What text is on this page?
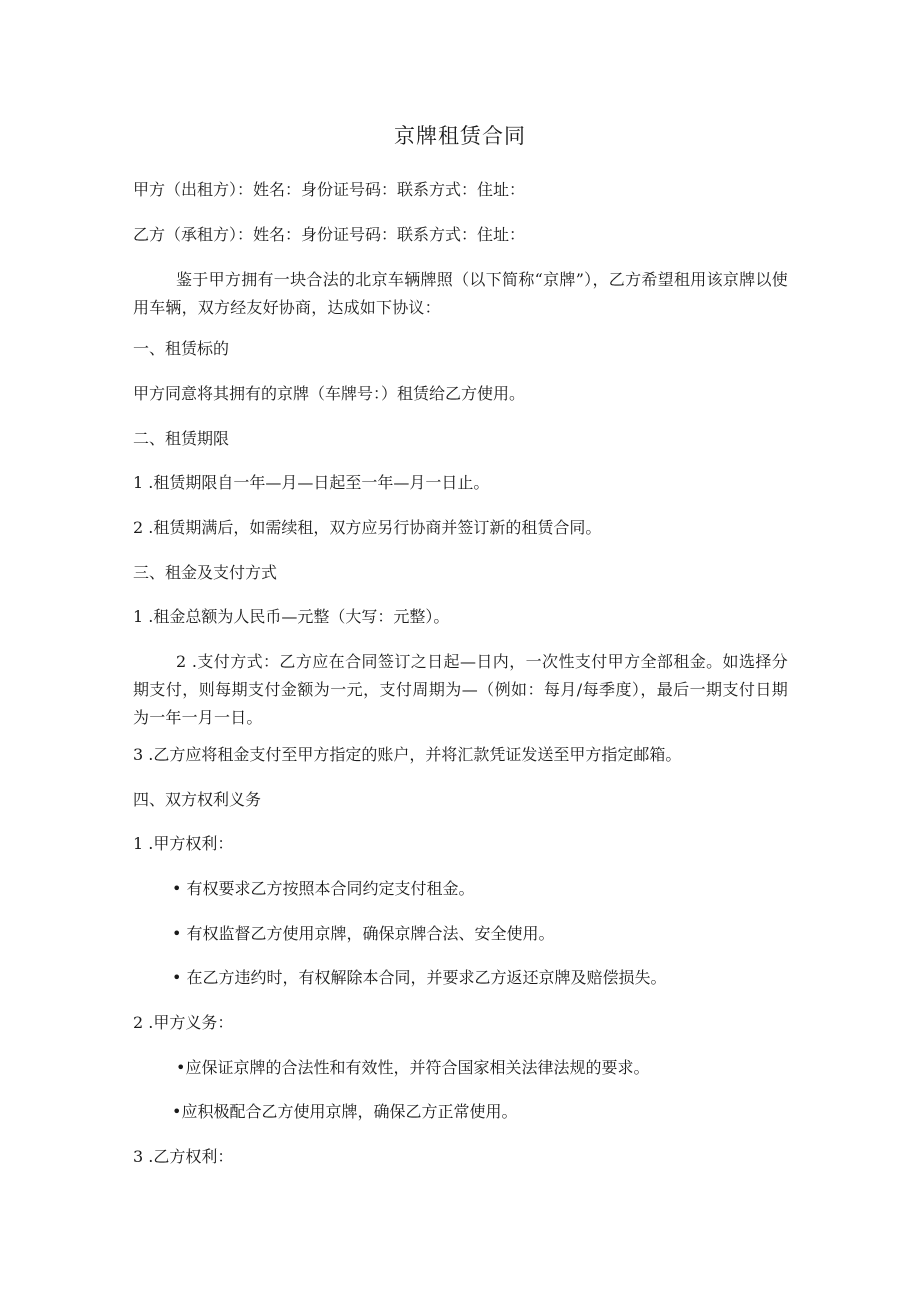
京牌租赁合同

甲方（出租方）：姓名：身份证号码：联系方式：住址：

乙方（承租方）：姓名：身份证号码：联系方式：住址：

鉴于甲方拥有一块合法的北京车辆牌照（以下简称“京牌”），乙方希望租用该京牌以使用车辆，双方经友好协商，达成如下协议：

一、租赁标的

甲方同意将其拥有的京牌（车牌号：）租赁给乙方使用。

二、租赁期限

1 .租赁期限自一年—月—日起至一年—月一日止。

2 .租赁期满后，如需续租，双方应另行协商并签订新的租赁合同。

三、租金及支付方式

1 .租金总额为人民币—元整（大写：元整）。

2 .支付方式：乙方应在合同签订之日起—日内，一次性支付甲方全部租金。如选择分期支付，则每期支付金额为一元，支付周期为—（例如：每月/每季度），最后一期支付日期为一年一月一日。

3 .乙方应将租金支付至甲方指定的账户，并将汇款凭证发送至甲方指定邮箱。

四、双方权利义务

1 .甲方权利：

• 有权要求乙方按照本合同约定支付租金。

• 有权监督乙方使用京牌，确保京牌合法、安全使用。

• 在乙方违约时，有权解除本合同，并要求乙方返还京牌及赔偿损失。

2 .甲方义务：

•应保证京牌的合法性和有效性，并符合国家相关法律法规的要求。

•应积极配合乙方使用京牌，确保乙方正常使用。

3 .乙方权利：
